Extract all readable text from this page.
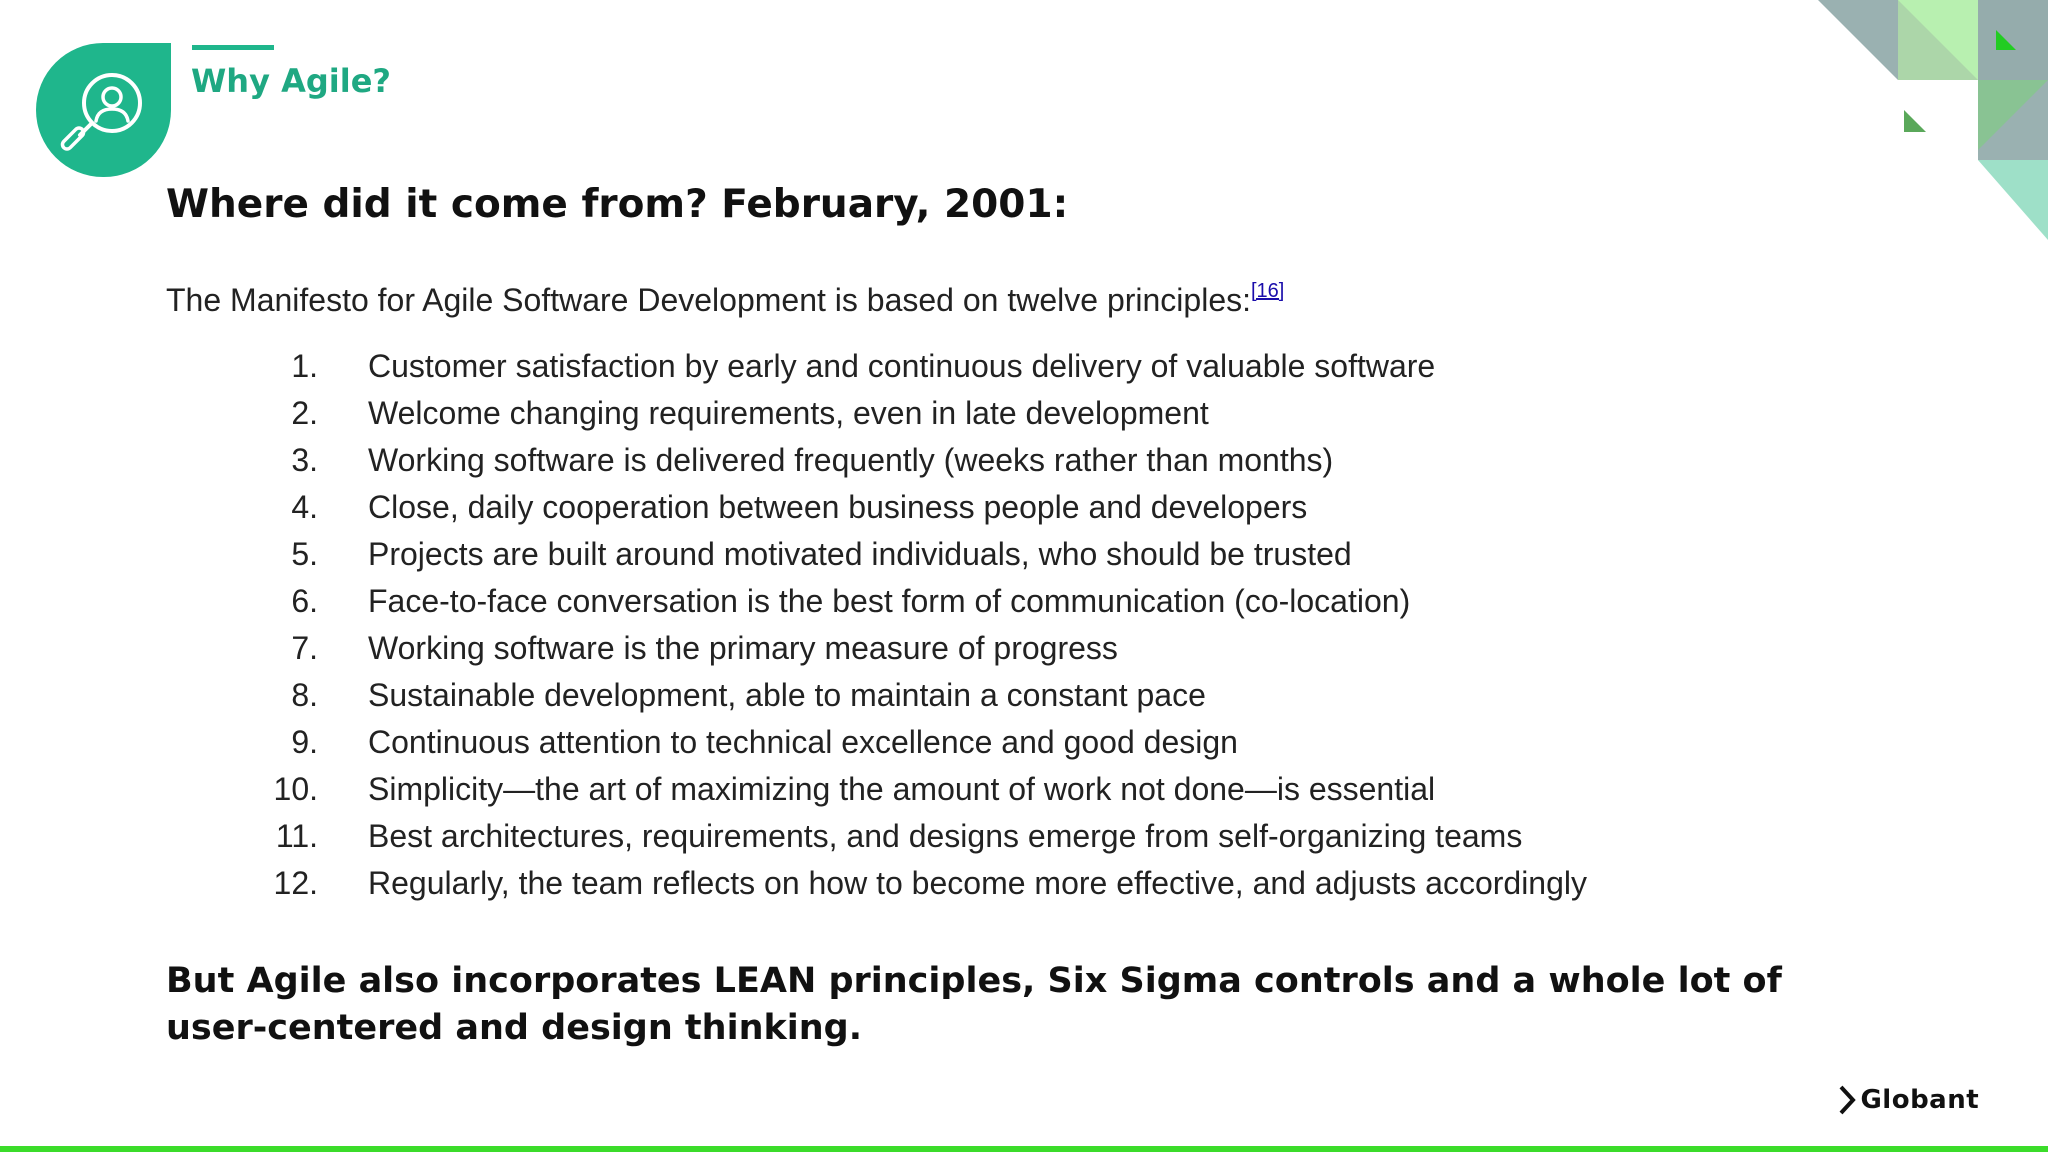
Why Agile?
Where did it come from? February, 2001:
The Manifesto for Agile Software Development is based on twelve principles:[16]
1. Customer satisfaction by early and continuous delivery of valuable software
2. Welcome changing requirements, even in late development
3. Working software is delivered frequently (weeks rather than months)
4. Close, daily cooperation between business people and developers
5. Projects are built around motivated individuals, who should be trusted
6. Face-to-face conversation is the best form of communication (co-location)
7. Working software is the primary measure of progress
8. Sustainable development, able to maintain a constant pace
9. Continuous attention to technical excellence and good design
10. Simplicity—the art of maximizing the amount of work not done—is essential
11. Best architectures, requirements, and designs emerge from self-organizing teams
12. Regularly, the team reflects on how to become more effective, and adjusts accordingly

But Agile also incorporates LEAN principles, Six Sigma controls and a whole lot of user-centered and design thinking.

Globant
